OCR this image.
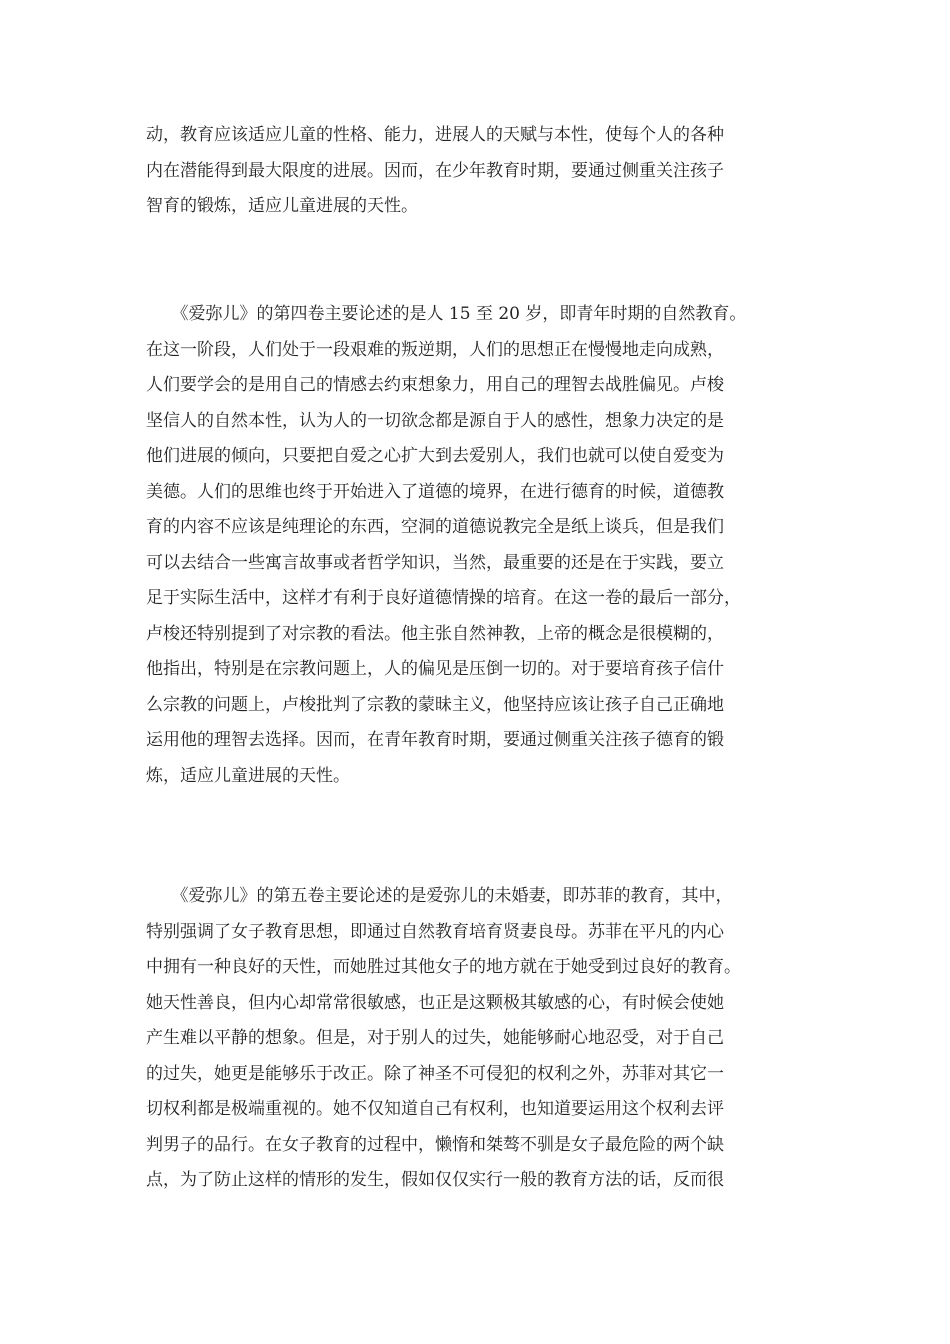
动，教育应该适应儿童的性格、能力，进展人的天赋与本性，使每个人的各种
内在潜能得到最大限度的进展。因而，在少年教育时期，要通过侧重关注孩子
智育的锻炼，适应儿童进展的天性。
　　《爱弥儿》的第四卷主要论述的是人 15 至 20 岁，即青年时期的自然教育。
在这一阶段，人们处于一段艰难的叛逆期，人们的思想正在慢慢地走向成熟，
人们要学会的是用自己的情感去约束想象力，用自己的理智去战胜偏见。卢梭
坚信人的自然本性，认为人的一切欲念都是源自于人的感性，想象力决定的是
他们进展的倾向，只要把自爱之心扩大到去爱别人，我们也就可以使自爱变为
美德。人们的思维也终于开始进入了道德的境界，在进行德育的时候，道德教
育的内容不应该是纯理论的东西，空洞的道德说教完全是纸上谈兵，但是我们
可以去结合一些寓言故事或者哲学知识，当然，最重要的还是在于实践，要立
足于实际生活中，这样才有利于良好道德情操的培育。在这一卷的最后一部分，
卢梭还特别提到了对宗教的看法。他主张自然神教，上帝的概念是很模糊的，
他指出，特别是在宗教问题上，人的偏见是压倒一切的。对于要培育孩子信什
么宗教的问题上，卢梭批判了宗教的蒙昧主义，他坚持应该让孩子自己正确地
运用他的理智去选择。因而，在青年教育时期，要通过侧重关注孩子德育的锻
炼，适应儿童进展的天性。
　　《爱弥儿》的第五卷主要论述的是爱弥儿的未婚妻，即苏菲的教育，其中，
特别强调了女子教育思想，即通过自然教育培育贤妻良母。苏菲在平凡的内心
中拥有一种良好的天性，而她胜过其他女子的地方就在于她受到过良好的教育。
她天性善良，但内心却常常很敏感，也正是这颗极其敏感的心，有时候会使她
产生难以平静的想象。但是，对于别人的过失，她能够耐心地忍受，对于自己
的过失，她更是能够乐于改正。除了神圣不可侵犯的权利之外，苏菲对其它一
切权利都是极端重视的。她不仅知道自己有权利，也知道要运用这个权利去评
判男子的品行。在女子教育的过程中，懒惰和桀骜不驯是女子最危险的两个缺
点，为了防止这样的情形的发生，假如仅仅实行一般的教育方法的话，反而很
